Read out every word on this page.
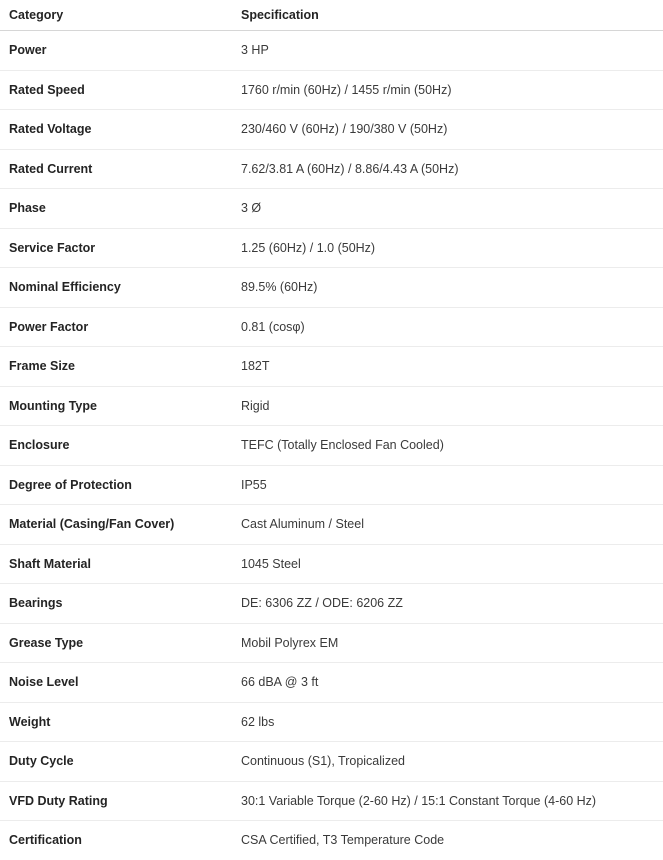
Category	Specification
Power	3 HP
Rated Speed	1760 r/min (60Hz) / 1455 r/min (50Hz)
Rated Voltage	230/460 V (60Hz) / 190/380 V (50Hz)
Rated Current	7.62/3.81 A (60Hz) / 8.86/4.43 A (50Hz)
Phase	3 Ø
Service Factor	1.25 (60Hz) / 1.0 (50Hz)
Nominal Efficiency	89.5% (60Hz)
Power Factor	0.81 (cosφ)
Frame Size	182T
Mounting Type	Rigid
Enclosure	TEFC (Totally Enclosed Fan Cooled)
Degree of Protection	IP55
Material (Casing/Fan Cover)	Cast Aluminum / Steel
Shaft Material	1045 Steel
Bearings	DE: 6306 ZZ / ODE: 6206 ZZ
Grease Type	Mobil Polyrex EM
Noise Level	66 dBA @ 3 ft
Weight	62 lbs
Duty Cycle	Continuous (S1), Tropicalized
VFD Duty Rating	30:1 Variable Torque (2-60 Hz) / 15:1 Constant Torque (4-60 Hz)
Certification	CSA Certified, T3 Temperature Code
